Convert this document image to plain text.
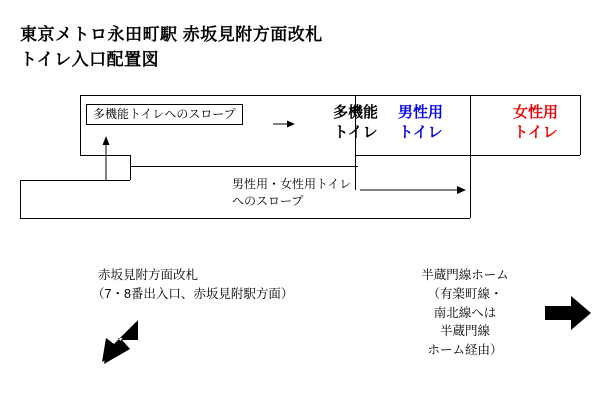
東京メトロ永田町駅 赤坂見附方面改札
トイレ入口配置図
多機能トイレへのスロープ	多機能
トイレ
男性用
トイレ
女性用
トイレ
男性用・女性用トイレ
へのスロープ
赤坂見附方面改札
（7・8番出入口、赤坂見附駅方面）
半蔵門線ホーム
（有楽町線・
南北線へは
半蔵門線
ホーム経由）
